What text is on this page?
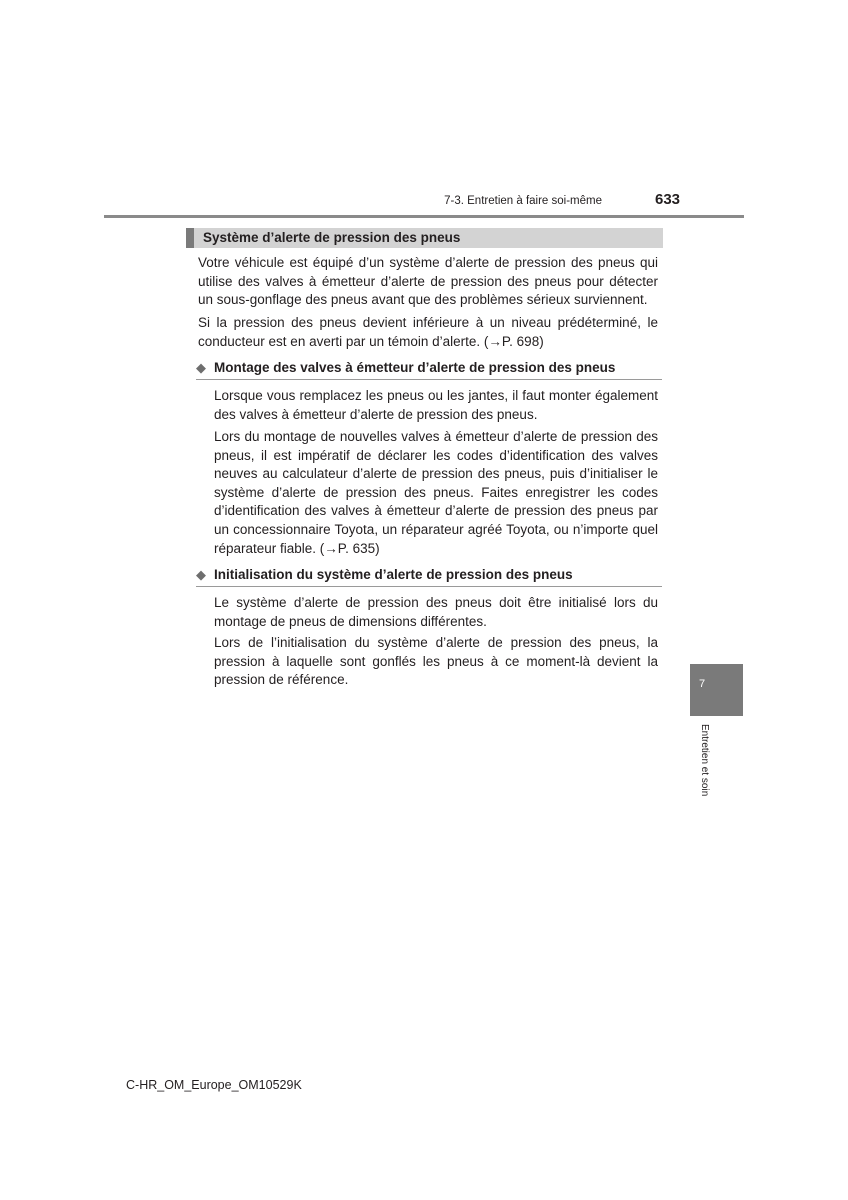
7-3. Entretien à faire soi-même	633
Système d’alerte de pression des pneus

Votre véhicule est équipé d’un système d’alerte de pression des pneus qui utilise des valves à émetteur d’alerte de pression des pneus pour détecter un sous-gonflage des pneus avant que des problèmes sérieux surviennent.

Si la pression des pneus devient inférieure à un niveau prédéterminé, le conducteur est en averti par un témoin d’alerte. (→P. 698)

◆ Montage des valves à émetteur d’alerte de pression des pneus

Lorsque vous remplacez les pneus ou les jantes, il faut monter également des valves à émetteur d’alerte de pression des pneus.

Lors du montage de nouvelles valves à émetteur d’alerte de pression des pneus, il est impératif de déclarer les codes d’identification des valves neuves au calculateur d’alerte de pression des pneus, puis d’initialiser le système d’alerte de pression des pneus. Faites enregistrer les codes d’identification des valves à émetteur d’alerte de pression des pneus par un concessionnaire Toyota, un réparateur agréé Toyota, ou n’importe quel réparateur fiable. (→P. 635)

◆ Initialisation du système d’alerte de pression des pneus

Le système d’alerte de pression des pneus doit être initialisé lors du montage de pneus de dimensions différentes.

Lors de l’initialisation du système d’alerte de pression des pneus, la pression à laquelle sont gonflés les pneus à ce moment-là devient la pression de référence.	7
Entretien et soin
C-HR_OM_Europe_OM10529K
